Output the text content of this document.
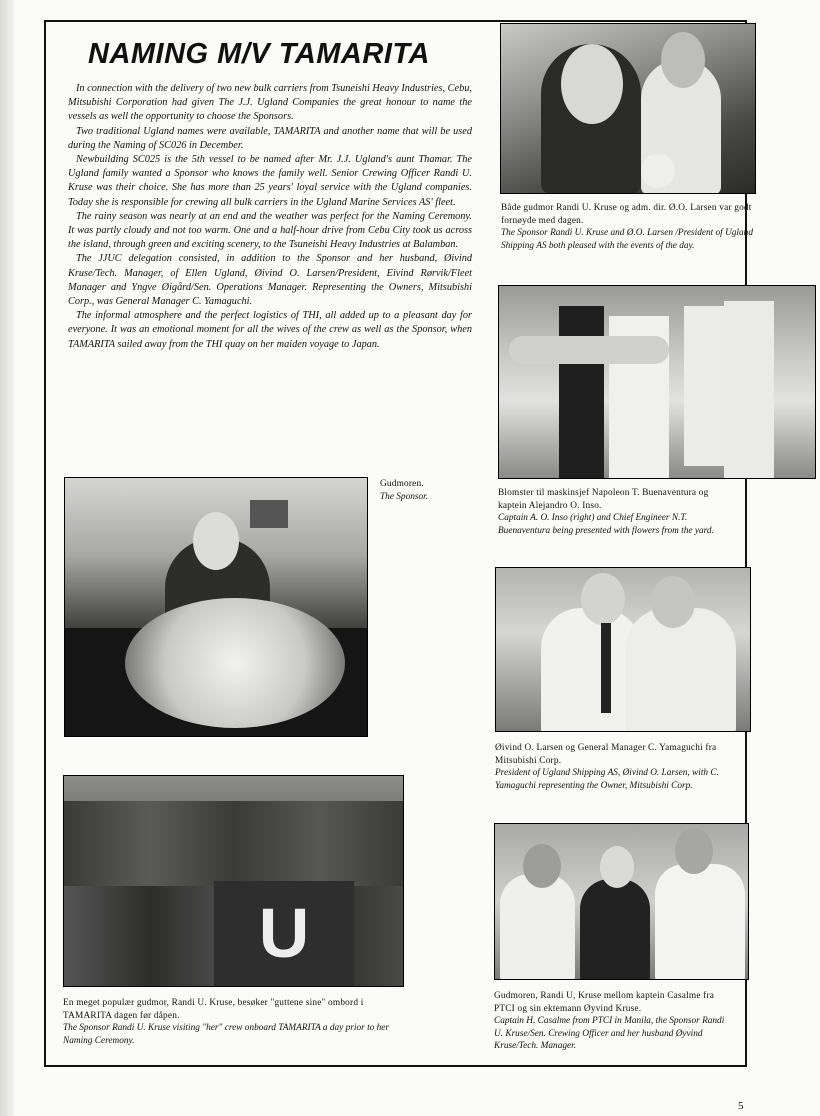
NAMING M/V TAMARITA

In connection with the delivery of two new bulk carriers from Tsuneishi Heavy Industries, Cebu, Mitsubishi Corporation had given The J.J. Ugland Companies the great honour to name the vessels as well the opportunity to choose the Sponsors.

Two traditional Ugland names were available, TAMARITA and another name that will be used during the Naming of SC026 in December.

Newbuilding SC025 is the 5th vessel to be named after Mr. J.J. Ugland's aunt Thamar. The Ugland family wanted a Sponsor who knows the family well. Senior Crewing Officer Randi U. Kruse was their choice. She has more than 25 years' loyal service with the Ugland companies. Today she is responsible for crewing all bulk carriers in the Ugland Marine Services AS' fleet.

The rainy season was nearly at an end and the weather was perfect for the Naming Ceremony. It was partly cloudy and not too warm. One and a half-hour drive from Cebu City took us across the island, through green and exciting scenery, to the Tsuneishi Heavy Industries at Balamban.

The JJUC delegation consisted, in addition to the Sponsor and her husband, Øivind Kruse/Tech. Manager, of Ellen Ugland, Øivind O. Larsen/President, Eivind Rørvik/Fleet Manager and Yngve Øigård/Sen. Operations Manager. Representing the Owners, Mitsubishi Corp., was General Manager C. Yamaguchi.

The informal atmosphere and the perfect logistics of THI, all added up to a pleasant day for everyone. It was an emotional moment for all the wives of the crew as well as the Sponsor, when TAMARITA sailed away from the THI quay on her maiden voyage to Japan.

Både gudmor Randi U. Kruse og adm. dir. Ø.O. Larsen var godt fornøyde med dagen.
The Sponsor Randi U. Kruse and Ø.O. Larsen /President of Ugland Shipping AS both pleased with the events of the day.
Blomster til maskinsjef Napoleon T. Buenaventura og kaptein Alejandro O. Inso.
Captain A. O. Inso (right) and Chief Engineer N.T. Buenaventura being presented with flowers from the yard.
Gudmoren.
The Sponsor.
Øivind O. Larsen og General Manager C. Yamaguchi fra Mitsubishi Corp.
President of Ugland Shipping AS, Øivind O. Larsen, with C. Yamaguchi representing the Owner, Mitsubishi Corp.
U
En meget populær gudmor, Randi U. Kruse, besøker "guttene sine" ombord i TAMARITA dagen før dåpen.
The Sponsor Randi U. Kruse visiting "her" crew onboard TAMARITA a day prior to her Naming Ceremony.
Gudmoren, Randi U, Kruse mellom kaptein Casalme fra PTCI og sin ektemann Øyvind Kruse.
Captain H. Casalme from PTCI in Manila, the Sponsor Randi U. Kruse/Sen. Crewing Officer and her husband Øyvind Kruse/Tech. Manager.
5
